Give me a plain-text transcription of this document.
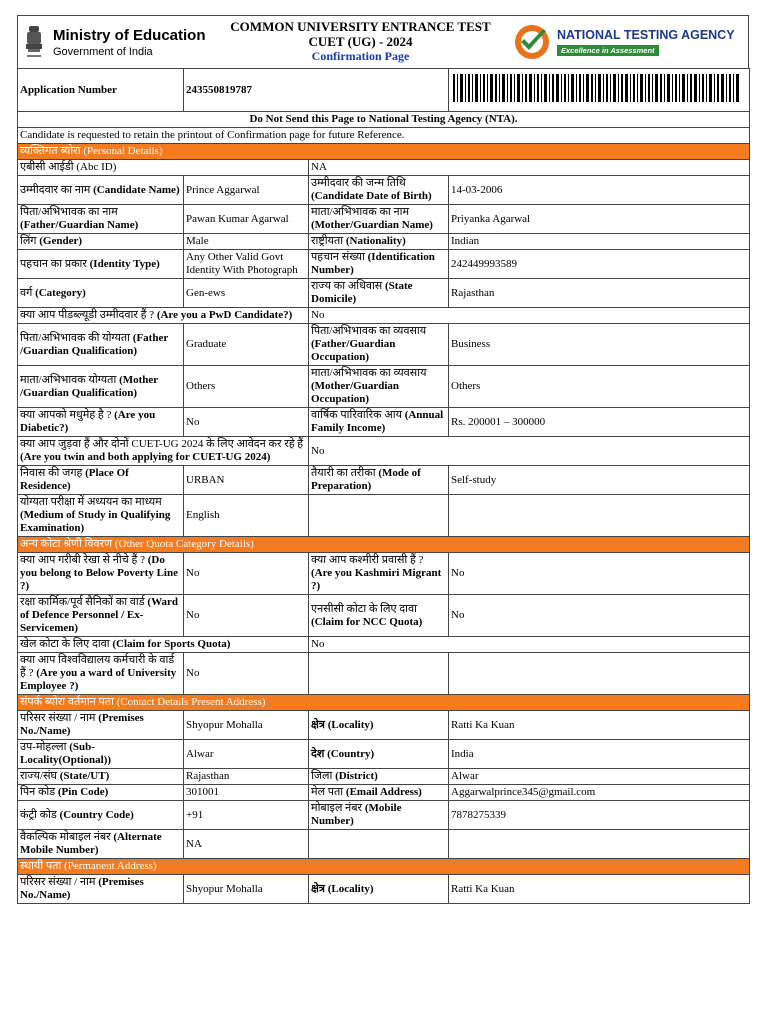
Ministry of Education
Government of India
COMMON UNIVERSITY ENTRANCE TEST
CUET (UG) - 2024
Confirmation Page
NATIONAL TESTING AGENCY
Excellence in Assessment
Application Number	243550819787	
Do Not Send this Page to National Testing Agency (NTA).			
Candidate is requested to retain the printout of Confirmation page for future Reference.			
व्यक्तिगत ब्योरा (Personal Details)			
एबीसी आईडी (Abc ID)		NA	
उम्मीदवार का नाम (Candidate Name)	Prince Aggarwal	उम्मीदवार की जन्म तिथि (Candidate Date of Birth)	14-03-2006
पिता/अभिभावक का नाम (Father/Guardian Name)	Pawan Kumar Agarwal	माता/अभिभावक का नाम (Mother/Guardian Name)	Priyanka Agarwal
लिंग (Gender)	Male	राष्ट्रीयता (Nationality)	Indian
पहचान का प्रकार (Identity Type)	Any Other Valid Govt Identity With Photograph	पहचान संख्या (Identification Number)	242449993589
वर्ग (Category)	Gen-ews	राज्य का अधिवास (State Domicile)	Rajasthan
क्या आप पीडब्ल्यूडी उम्मीदवार हैं ? (Are you a PwD Candidate?)		No	
पिता/अभिभावक की योग्यता (Father /Guardian Qualification)	Graduate	पिता/अभिभावक का व्यवसाय (Father/Guardian Occupation)	Business
माता/अभिभावक योग्यता (Mother /Guardian Qualification)	Others	माता/अभिभावक का व्यवसाय (Mother/Guardian Occupation)	Others
क्या आपको मधुमेह है ? (Are you Diabetic?)	No	वार्षिक पारिवारिक आय (Annual Family Income)	Rs. 200001 – 300000
क्या आप जुड़वा हैं और दोनों CUET-UG 2024 के लिए आवेदन कर रहे हैं (Are you twin and both applying for CUET-UG 2024)		No	
निवास की जगह (Place Of Residence)	URBAN	तैयारी का तरीका (Mode of Preparation)	Self-study
योग्यता परीक्षा में अध्ययन का माध्यम (Medium of Study in Qualifying Examination)	English		
अन्य कोटा श्रेणी विवरण (Other Quota Category Details)			
क्या आप गरीबी रेखा से नीचे हैं ? (Do you belong to Below Poverty Line ?)	No	क्या आप कश्मीरी प्रवासी हैं ? (Are you Kashmiri Migrant ?)	No
रक्षा कार्मिक/पूर्व सैनिकों का वार्ड (Ward of Defence Personnel / Ex-Servicemen)	No	एनसीसी कोटा के लिए दावा (Claim for NCC Quota)	No
खेल कोटा के लिए दावा (Claim for Sports Quota)		No	
क्या आप विश्वविद्यालय कर्मचारी के वार्ड हैं ? (Are you a ward of University Employee ?)	No		
संपर्क ब्योरा वर्तमान पता (Contact Details Present Address)			
परिसर संख्या / नाम (Premises No./Name)	Shyopur Mohalla	क्षेत्र (Locality)	Ratti Ka Kuan
उप-मोहल्ला (Sub-Locality(Optional))	Alwar	देश (Country)	India
राज्य/संघ (State/UT)	Rajasthan	जिला (District)	Alwar
पिन कोड (Pin Code)	301001	मेल पता (Email Address)	Aggarwalprince345@gmail.com
कंट्री कोड (Country Code)	+91	मोबाइल नंबर (Mobile Number)	7878275339
वैकल्पिक मोबाइल नंबर (Alternate Mobile Number)	NA		
स्थायी पता (Permanent Address)			
परिसर संख्या / नाम (Premises No./Name)	Shyopur Mohalla	क्षेत्र (Locality)	Ratti Ka Kuan
